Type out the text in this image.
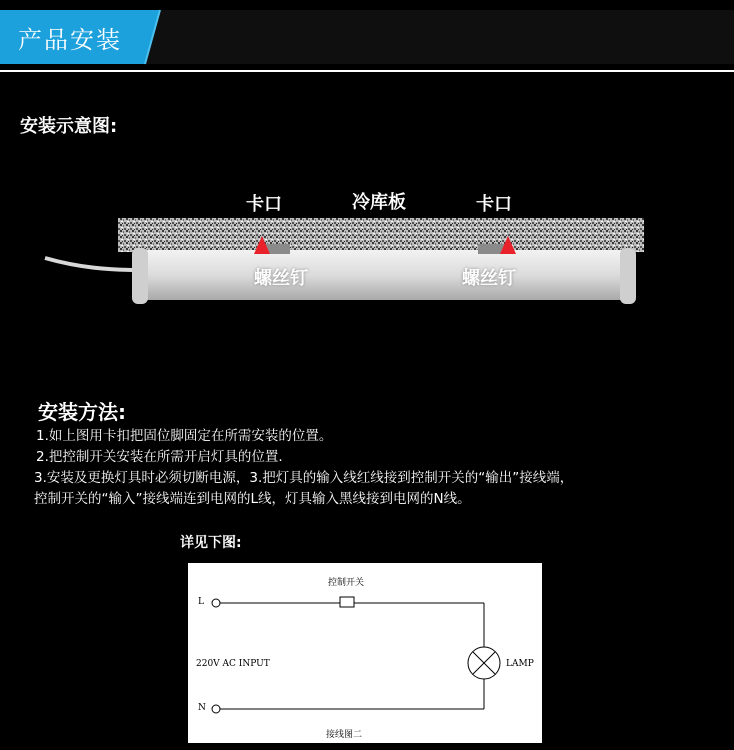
产品安装
安装示意图:
卡口	冷库板	卡口
螺丝钉	螺丝钉
安装方法:
1.如上图用卡扣把固位脚固定在所需安装的位置。
2.把控制开关安装在所需开启灯具的位置.
3.安装及更换灯具时必须切断电源，3.把灯具的输入线红线接到控制开关的“输出”接线端，
控制开关的“输入”接线端连到电网的L线，灯具输入黑线接到电网的N线。
详见下图:
控制开关
L
N
220V AC INPUT	LAMP
接线图二
